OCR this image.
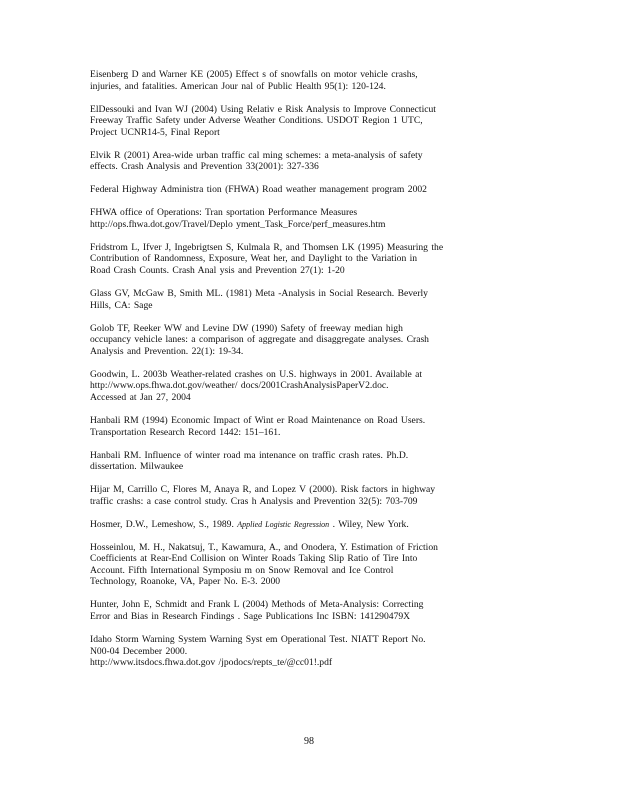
Eisenberg D and Warner KE (2005) Effect s of snowfalls on motor vehicle crashs,
injuries, and fatalities. American Jour nal of Public Health 95(1): 120-124.
ElDessouki and Ivan WJ (2004) Using Relativ e Risk Analysis to Improve Connecticut
Freeway Traffic Safety under Adverse Weather Conditions. USDOT Region 1 UTC,
Project UCNR14-5, Final Report
Elvik R (2001) Area-wide urban traffic cal ming schemes: a meta-analysis of safety
effects. Crash Analysis and Prevention 33(2001): 327-336
Federal Highway Administra tion (FHWA) Road weather management program 2002
FHWA office of Operations: Tran sportation Performance Measures
http://ops.fhwa.dot.gov/Travel/Deplo yment_Task_Force/perf_measures.htm
Fridstrom L, Ifver J, Ingebrigtsen S, Kulmala R, and Thomsen LK (1995) Measuring the
Contribution of Randomness, Exposure, Weat her, and Daylight to the Variation in
Road Crash Counts. Crash Anal ysis and Prevention 27(1): 1-20
Glass GV, McGaw B, Smith ML. (1981) Meta -Analysis in Social Research. Beverly
Hills, CA: Sage
Golob TF, Reeker WW and Levine DW (1990) Safety of freeway median high
occupancy vehicle lanes: a comparison of aggregate and disaggregate analyses. Crash
Analysis and Prevention. 22(1): 19-34.
Goodwin, L. 2003b Weather-related crashes on U.S. highways in 2001. Available at
http://www.ops.fhwa.dot.gov/weather/ docs/2001CrashAnalysisPaperV2.doc.
Accessed at Jan 27, 2004
Hanbali RM (1994) Economic Impact of Wint er Road Maintenance on Road Users.
Transportation Research Record 1442: 151–161.
Hanbali RM. Influence of winter road ma intenance on traffic crash rates. Ph.D.
dissertation. Milwaukee
Hijar M, Carrillo C, Flores M, Anaya R, and Lopez V (2000). Risk factors in highway
traffic crashs: a case control study. Cras h Analysis and Prevention 32(5): 703-709
Hosmer, D.W., Lemeshow, S., 1989. Applied Logistic Regression . Wiley, New York.
Hosseinlou, M. H., Nakatsuj, T., Kawamura, A., and Onodera, Y. Estimation of Friction
Coefficients at Rear-End Collision on Winter Roads Taking Slip Ratio of Tire Into
Account. Fifth International Symposiu m on Snow Removal and Ice Control
Technology, Roanoke, VA, Paper No. E-3. 2000
Hunter, John E, Schmidt and Frank L (2004) Methods of Meta-Analysis: Correcting
Error and Bias in Research Findings . Sage Publications Inc ISBN: 141290479X
Idaho Storm Warning System Warning Syst em Operational Test. NIATT Report No.
N00-04 December 2000.
http://www.itsdocs.fhwa.dot.gov /jpodocs/repts_te/@cc01!.pdf
98
